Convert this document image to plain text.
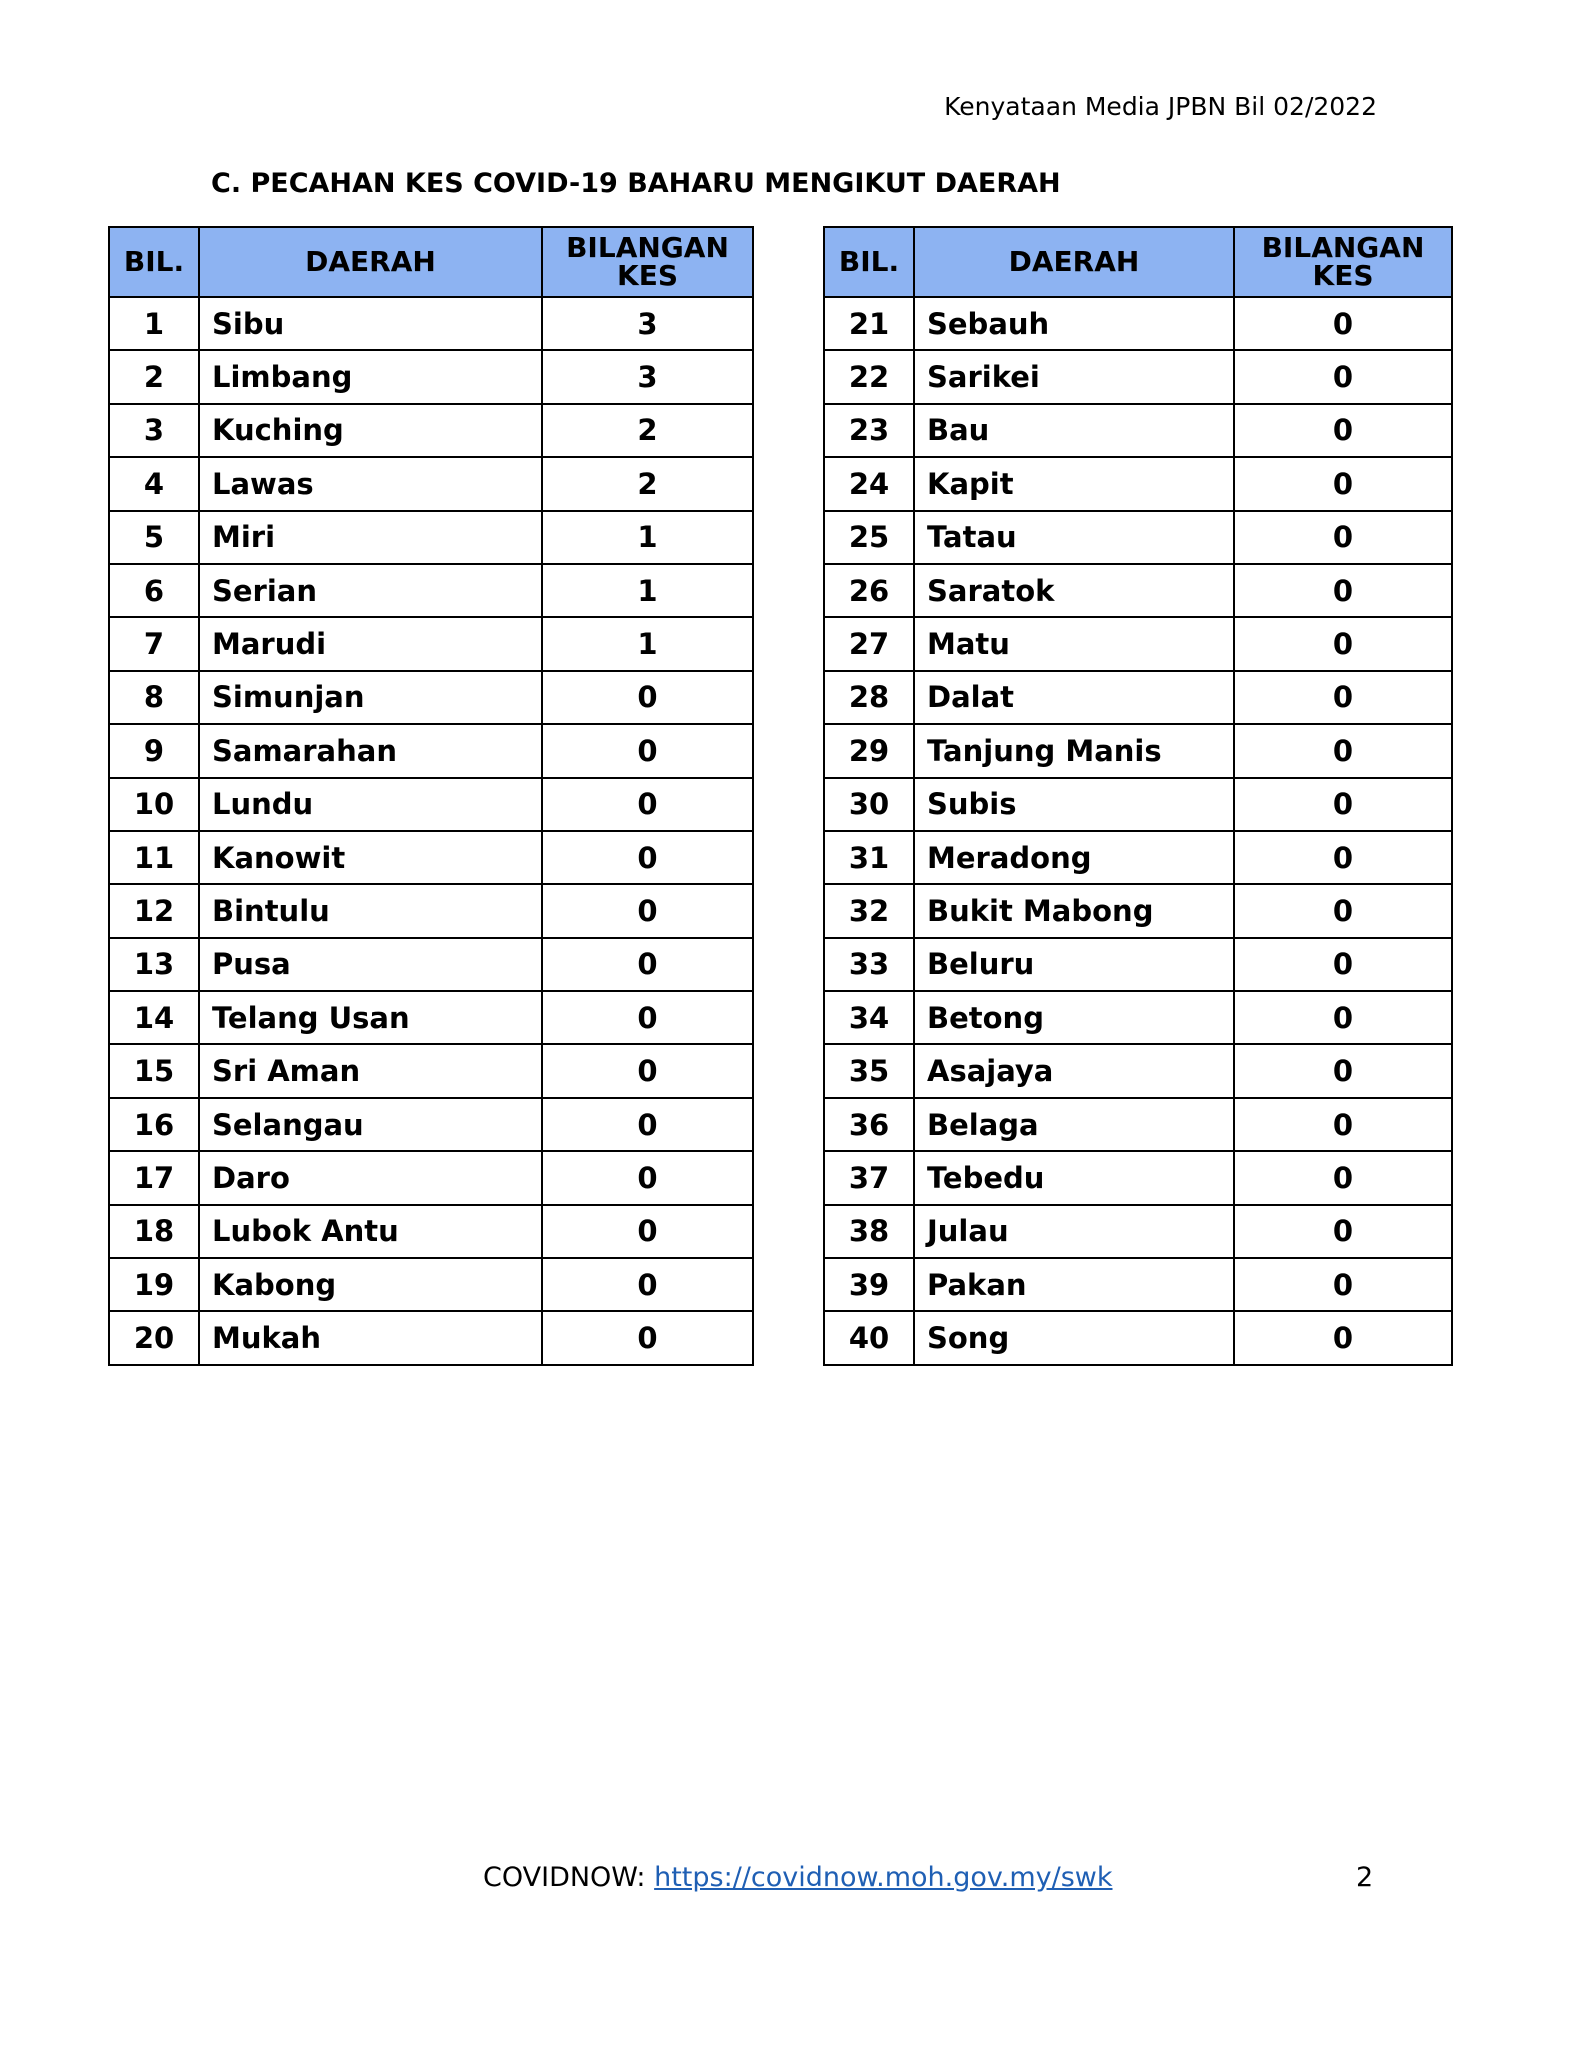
Kenyataan Media JPBN Bil 02/2022
C. PECAHAN KES COVID-19 BAHARU MENGIKUT DAERAH
BIL.	DAERAH	BILANGAN KES
1	Sibu	3
2	Limbang	3
3	Kuching	2
4	Lawas	2
5	Miri	1
6	Serian	1
7	Marudi	1
8	Simunjan	0
9	Samarahan	0
10	Lundu	0
11	Kanowit	0
12	Bintulu	0
13	Pusa	0
14	Telang Usan	0
15	Sri Aman	0
16	Selangau	0
17	Daro	0
18	Lubok Antu	0
19	Kabong	0
20	Mukah	0
BIL.	DAERAH	BILANGAN KES
21	Sebauh	0
22	Sarikei	0
23	Bau	0
24	Kapit	0
25	Tatau	0
26	Saratok	0
27	Matu	0
28	Dalat	0
29	Tanjung Manis	0
30	Subis	0
31	Meradong	0
32	Bukit Mabong	0
33	Beluru	0
34	Betong	0
35	Asajaya	0
36	Belaga	0
37	Tebedu	0
38	Julau	0
39	Pakan	0
40	Song	0
COVIDNOW: https://covidnow.moh.gov.my/swk	2
